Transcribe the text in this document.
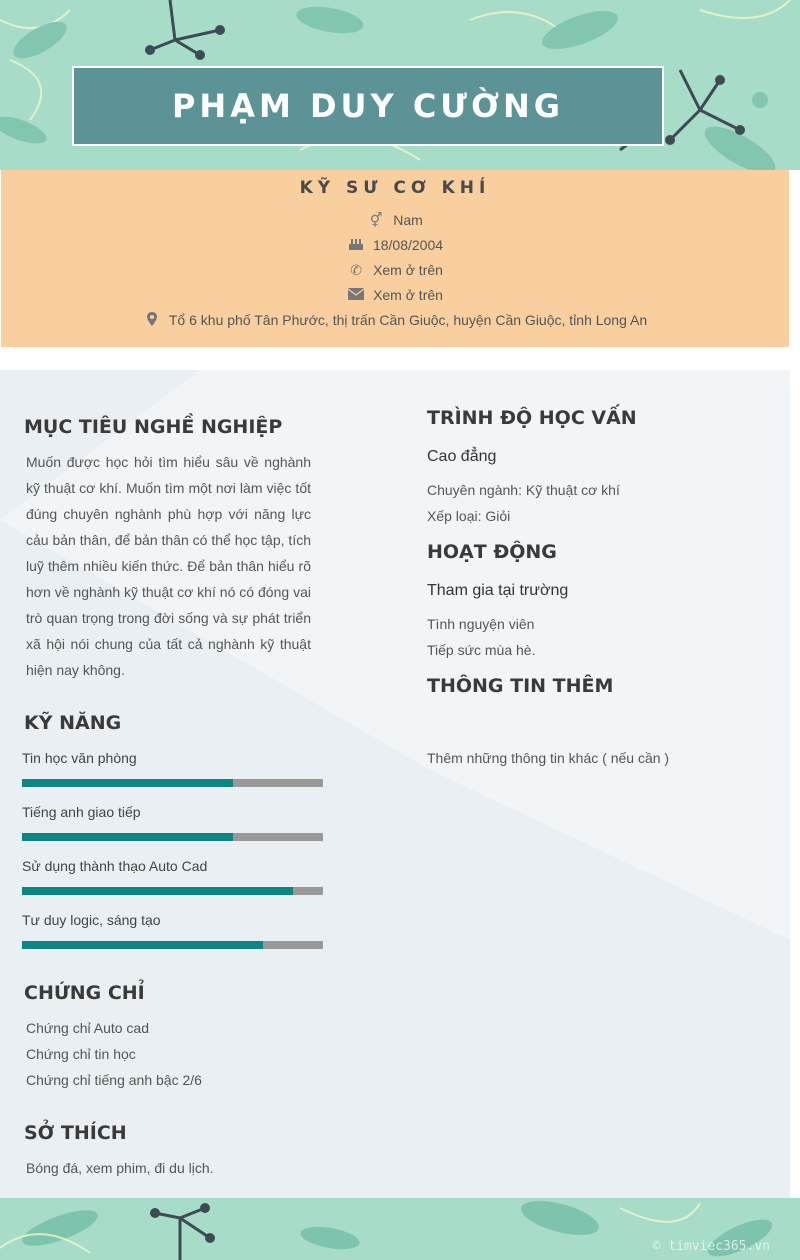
PHẠM DUY CƯỜNG
KỸ SƯ CƠ KHÍ
⚥ Nam
18/08/2004
✆ Xem ở trên
Xem ở trên
Tổ 6 khu phố Tân Phước, thị trấn Cần Giuộc, huyện Cần Giuộc, tỉnh Long An
MỤC TIÊU NGHỀ NGHIỆP
Muốn được học hỏi tìm hiểu sâu về nghành kỹ thuật cơ khí. Muốn tìm một nơi làm việc tốt đúng chuyên nghành phù hợp với năng lực cảu bản thân, để bản thân có thể học tập, tích luỹ thêm nhiều kiến thức. Để bản thân hiểu rõ hơn về nghành kỹ thuật cơ khí nó có đóng vai trò quan trọng trong đời sống và sự phát triển xã hội nói chung của tất cả nghành kỹ thuật hiện nay không.
KỸ NĂNG
CHỨNG CHỈ
Chứng chỉ Auto cad
Chứng chỉ tin học
Chứng chỉ tiếng anh bậc 2/6
SỞ THÍCH
Bóng đá, xem phim, đi du lịch.
TRÌNH ĐỘ HỌC VẤN
Cao đẳng
Chuyên ngành: Kỹ thuật cơ khí
Xếp loại: Giỏi
HOẠT ĐỘNG
Tham gia tại trường
Tình nguyện viên
Tiếp sức mùa hè.
THÔNG TIN THÊM
Thêm những thông tin khác ( nếu cần )
Tin học văn phòng
Tiếng anh giao tiếp
Sử dụng thành thạo Auto Cad
Tư duy logic, sáng tạo
© timviec365.vn
